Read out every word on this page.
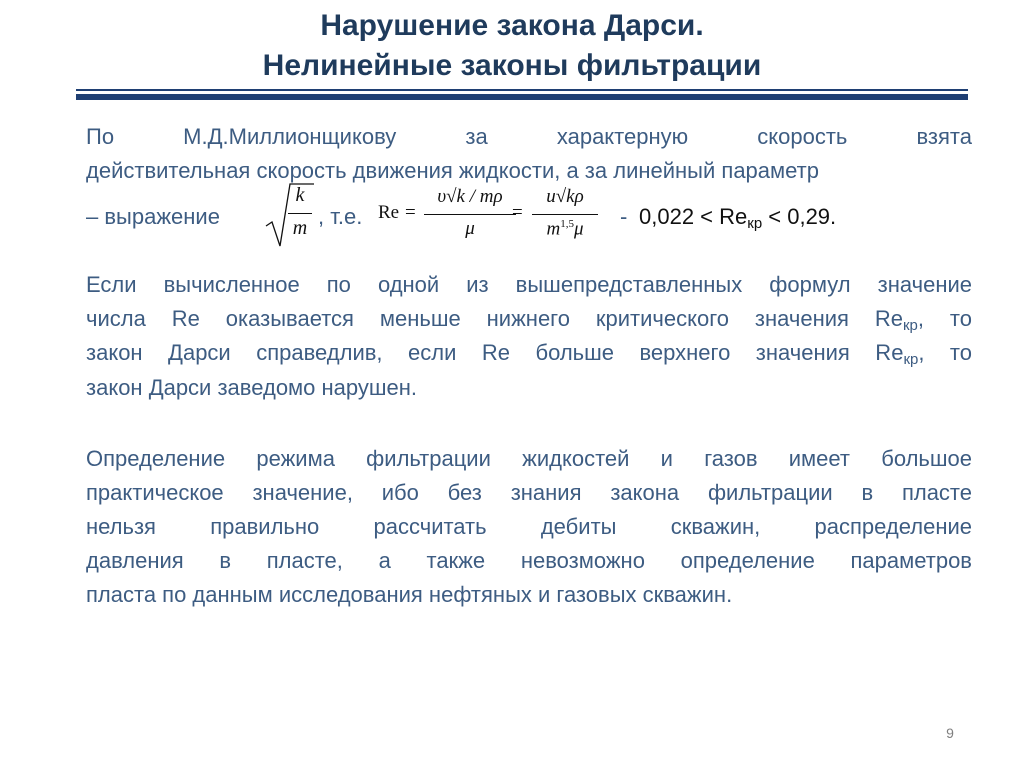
Нарушение закона Дарси.
Нелинейные законы фильтрации

По М.Д.Миллионщикову за характерную скорость взята

действительная скорость движения жидкости, а за линейный параметр

– выражение
k
m , т.е. Re =
υ√k / mρ
μ
=
u√kρ
$m^{1,5}\mu$	- 0,022 < Reкр < 0,29.

Если вычисленное по одной из вышепредставленных формул значение

числа Re оказывается меньше нижнего критического значения Reкр, то

закон Дарси справедлив, если Re больше верхнего значения Reкр, то

закон Дарси заведомо нарушен.

Определение режима фильтрации жидкостей и газов имеет большое

практическое значение, ибо без знания закона фильтрации в пласте

нельзя правильно рассчитать дебиты скважин, распределение

давления в пласте, а также невозможно определение параметров

пласта по данным исследования нефтяных и газовых скважин.

9
